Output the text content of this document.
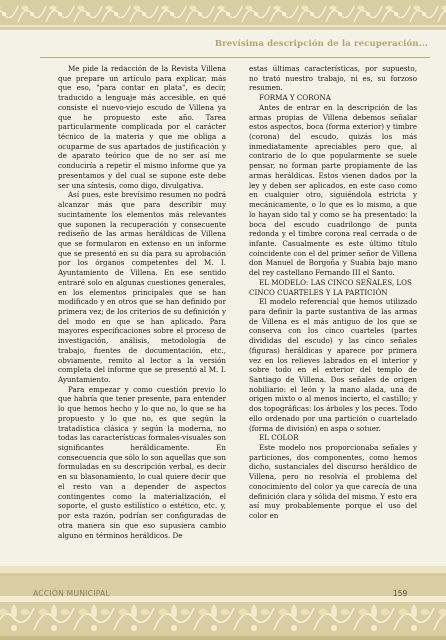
Brevísima descripción de la recuperación...

Me pide la redacción de la Revista Villena que prepare un artículo para explicar, más que eso, "para contar en plata", es decir, traducido a lenguaje más accesible, en qué consiste el nuevo-viejo escudo de Villena ya que he propuesto este año. Tarea particularmente complicada por el carácter técnico de la materia y que me obliga a ocuparme de sus apartados de justificación y de aparato teórico que de no ser así me conduciría a repetir el mismo informe que ya presentamos y del cual se supone este debe ser una síntesis, como digo, divulgativa.

Así pues, este brevísimo resumen no podrá alcanzar más que para describir muy sucintamente los elementos más relevantes que suponen la recuperación y consecuente rediseño de las armas heráldicas de Villena que se formularon en extenso en un informe que se presentó en su día para su aprobación por los órganos competentes del M. I. Ayuntamiento de Villena. En ese sentido entraré solo en algunas cuestiones generales, en los elementos principales que se han modificado y en otros que se han definido por primera vez; de los criterios de su definición y del modo en que se han aplicado. Para mayores especificaciones sobre el proceso de investigación, análisis, metodología de trabajo, fuentes de documentación, etc., obviamente, remito al lector a la versión completa del informe que se presentó al M. I. Ayuntamiento.

Para empezar y como cuestión previo lo que habría que tener presente, para entender lo que hemos hecho y lo que no, lo que se ha propuesto y lo que no, es que según la tratadística clásica y según la moderna, no todas las características formales-visuales son significantes heráldicamente. En consecuencia que sólo lo son aquellas que son formuladas en su descripción verbal, es decir en su blasonamiento, lo cual quiere decir que el resto van a depender de aspectos contingentes como la materialización, el soporte, el gusto estilístico o estético, etc. y, por esta razón, podrían ser configuradas de otra manera sin que eso supusiera cambio alguno en términos heráldicos. De

estas últimas características, por supuesto, no trató nuestro trabajo, ni es, su forzoso resumen.

FORMA Y CORONA

Antes de entrar en la descripción de las armas propias de Villena debemos señalar estos aspectos, boca (forma exterior) y timbre (corona) del escudo, quizás los más inmediatamente apreciables pero que, al contrario de lo que popularmente se suele pensar, no forman parte propiamente de las armas heráldicas. Estos vienen dados por la ley y deben ser aplicados, en este caso como en cualquier otro, siguiéndola estricta y mecánicamente, o lo que es lo mismo, a que lo hayan sido tal y como se ha presentado: la boca del escudo cuadrilongo de punta redonda y el timbre corona real cerrada o de infante. Casualmente es este último título coincidente con el del primer señor de Villena don Manuel de Borgoña y Suabia bajo mano del rey castellano Fernando III el Santo.

EL MODELO: LAS CINCO SEÑALES, LOS CINCO CUARTELES Y LA PARTICIÓN

El modelo referencial que hemos utilizado para definir la parte sustantiva de las armas de Villena es el más antiguo de los que se conserva con los cinco cuarteles (partes divididas del escudo) y las cinco señales (figuras) heráldicas y aparece por primera vez en los relieves labrados en el interior y sobre todo en el exterior del templo de Santiago de Villena. Dos señales de origen nobiliario: el león y la mano alada, una de origen mixto o al menos incierto, el castillo; y dos topográficas: los árboles y los peces. Todo ello ordenado por una partición o cuartelado (forma de división) en aspa o sotuer.

EL COLOR

Este modelo nos proporcionaba señales y particiones, dos componentes, como hemos dicho, sustanciales del discurso heráldico de Villena, pero no resolvía el problema del conocimiento del color ya que carecía de una definición clara y sólida del mismo. Y esto era así muy probablemente porque el uso del color en

ACCIÓN MUNICIPAL	159
